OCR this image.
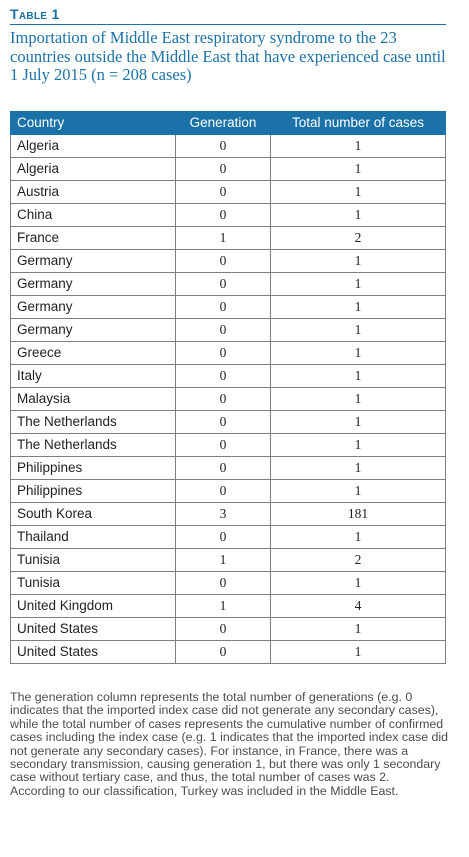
Table 1
Importation of Middle East respiratory syndrome to the 23 countries outside the Middle East that have experienced case until 1 July 2015 (n = 208 cases)
Country	Generation	Total number of cases
Algeria	0	1
Algeria	0	1
Austria	0	1
China	0	1
France	1	2
Germany	0	1
Germany	0	1
Germany	0	1
Germany	0	1
Greece	0	1
Italy	0	1
Malaysia	0	1
The Netherlands	0	1
The Netherlands	0	1
Philippines	0	1
Philippines	0	1
South Korea	3	181
Thailand	0	1
Tunisia	1	2
Tunisia	0	1
United Kingdom	1	4
United States	0	1
United States	0	1

The generation column represents the total number of generations (e.g. 0 indicates that the imported index case did not generate any secondary cases), while the total number of cases represents the cumulative number of confirmed cases including the index case (e.g. 1 indicates that the imported index case did not generate any secondary cases). For instance, in France, there was a secondary transmission, causing generation 1, but there was only 1 secondary case without tertiary case, and thus, the total number of cases was 2.

According to our classification, Turkey was included in the Middle East.
